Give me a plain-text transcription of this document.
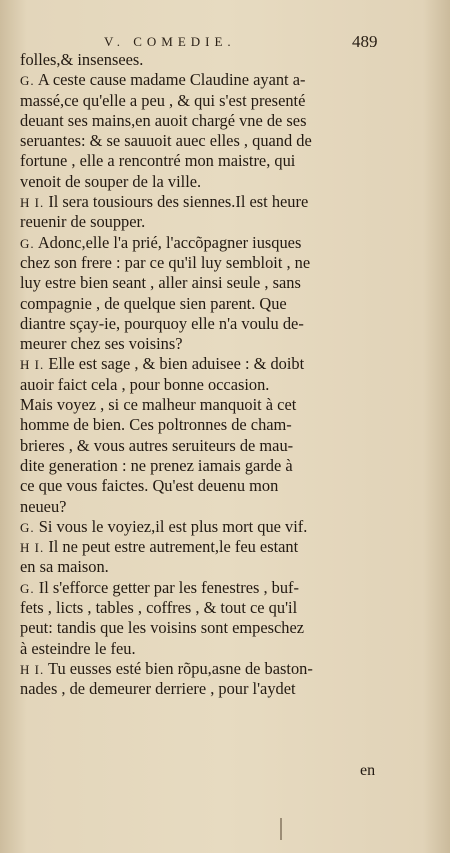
V. COMEDIE.	489
folles,& insensees.
G. A ceste cause madame Claudine ayant a-
massé,ce qu'elle a peu , & qui s'est presenté
deuant ses mains,en auoit chargé vne de ses
seruantes: & se sauuoit auec elles , quand de
fortune , elle a rencontré mon maistre, qui
venoit de souper de la ville.
H I. Il sera tousiours des siennes.Il est heure
reuenir de soupper.
G. Adonc,elle l'a prié, l'accõpagner iusques
chez son frere : par ce qu'il luy sembloit , ne
luy estre bien seant , aller ainsi seule , sans
compagnie , de quelque sien parent. Que
diantre sçay-ie, pourquoy elle n'a voulu de-
meurer chez ses voisins?
H I. Elle est sage , & bien aduisee : & doibt
auoir faict cela , pour bonne occasion.
Mais voyez , si ce malheur manquoit à cet
homme de bien. Ces poltronnes de cham-
brieres , & vous autres seruiteurs de mau-
dite generation : ne prenez iamais garde à
ce que vous faictes. Qu'est deuenu mon
neueu?
G. Si vous le voyiez,il est plus mort que vif.
H I. Il ne peut estre autrement,le feu estant
en sa maison.
G. Il s'efforce getter par les fenestres , buf-
fets , licts , tables , coffres , & tout ce qu'il
peut: tandis que les voisins sont empeschez
à esteindre le feu.
H I. Tu eusses esté bien rõpu,asne de baston-
nades , de demeurer derriere , pour l'aydet
en
